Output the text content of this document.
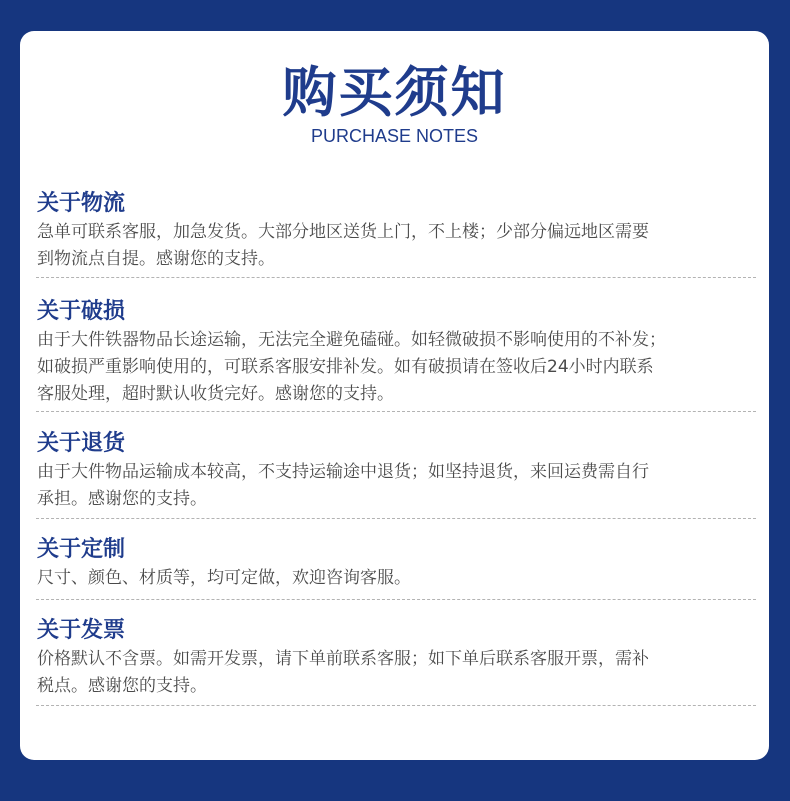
购买须知
PURCHASE NOTES
关于物流

急单可联系客服，加急发货。大部分地区送货上门，不上楼；少部分偏远地区需要

到物流点自提。感谢您的支持。

关于破损

由于大件铁器物品长途运输，无法完全避免磕碰。如轻微破损不影响使用的不补发；

如破损严重影响使用的，可联系客服安排补发。如有破损请在签收后24小时内联系

客服处理，超时默认收货完好。感谢您的支持。

关于退货

由于大件物品运输成本较高，不支持运输途中退货；如坚持退货，来回运费需自行

承担。感谢您的支持。

关于定制

尺寸、颜色、材质等，均可定做，欢迎咨询客服。

关于发票

价格默认不含票。如需开发票，请下单前联系客服；如下单后联系客服开票，需补

税点。感谢您的支持。
